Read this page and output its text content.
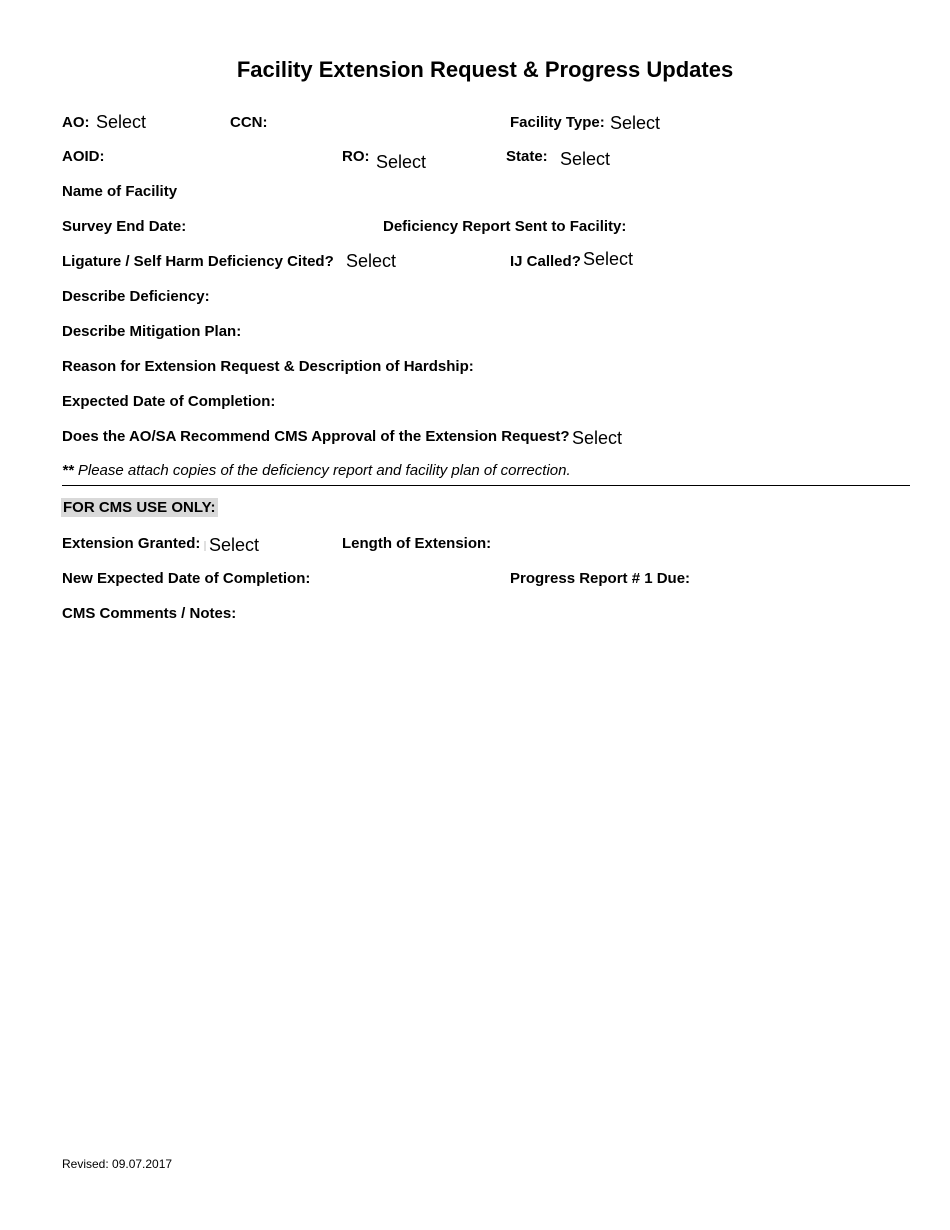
Facility Extension Request & Progress Updates
AO: Select	CCN:	Facility Type: Select
AOID:	RO: Select	State: Select
Name of Facility
Survey End Date:	Deficiency Report Sent to Facility:
Ligature / Self Harm Deficiency Cited? Select	IJ Called? Select
Describe Deficiency:
Describe Mitigation Plan:
Reason for Extension Request & Description of Hardship:
Expected Date of Completion:
Does the AO/SA Recommend CMS Approval of the Extension Request? Select
** Please attach copies of the deficiency report and facility plan of correction.
FOR CMS USE ONLY:
Extension Granted: Select	Length of Extension:
New Expected Date of Completion:	Progress Report # 1 Due:
CMS Comments / Notes:
Revised: 09.07.2017
